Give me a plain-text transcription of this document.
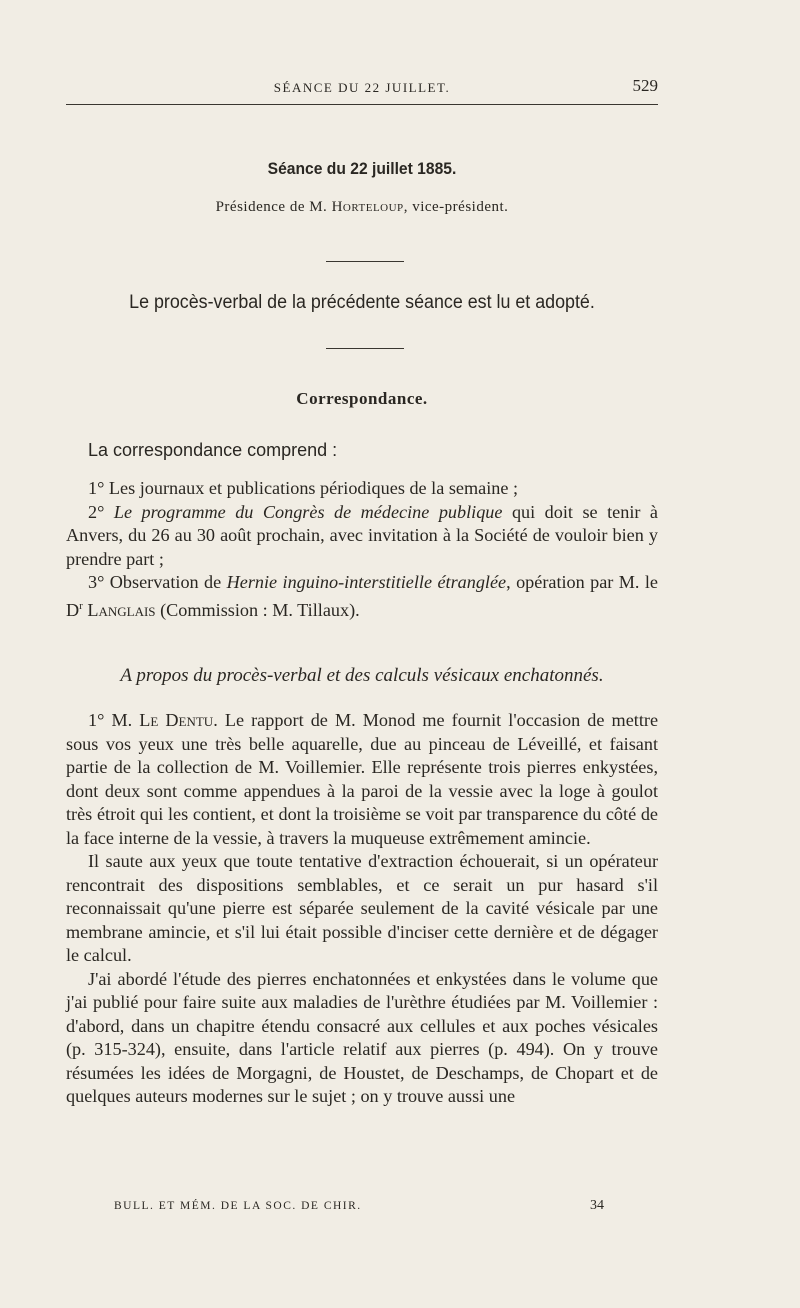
SÉANCE DU 22 JUILLET.	529
Séance du 22 juillet 1885.
Présidence de M. Horteloup, vice-président.
Le procès-verbal de la précédente séance est lu et adopté.
Correspondance.

La correspondance comprend :

1° Les journaux et publications périodiques de la semaine ;

2° Le programme du Congrès de médecine publique qui doit se tenir à Anvers, du 26 au 30 août prochain, avec invitation à la Société de vouloir bien y prendre part ;

3° Observation de Hernie inguino-interstitielle étranglée, opération par M. le $D^r$ Langlais (Commission : M. Tillaux).

A propos du procès-verbal et des calculs vésicaux enchatonnés.

1° M. Le Dentu. Le rapport de M. Monod me fournit l'occasion de mettre sous vos yeux une très belle aquarelle, due au pinceau de Léveillé, et faisant partie de la collection de M. Voillemier. Elle représente trois pierres enkystées, dont deux sont comme appendues à la paroi de la vessie avec la loge à goulot très étroit qui les contient, et dont la troisième se voit par transparence du côté de la face interne de la vessie, à travers la muqueuse extrêmement amincie.

Il saute aux yeux que toute tentative d'extraction échouerait, si un opérateur rencontrait des dispositions semblables, et ce serait un pur hasard s'il reconnaissait qu'une pierre est séparée seulement de la cavité vésicale par une membrane amincie, et s'il lui était possible d'inciser cette dernière et de dégager le calcul.

J'ai abordé l'étude des pierres enchatonnées et enkystées dans le volume que j'ai publié pour faire suite aux maladies de l'urèthre étudiées par M. Voillemier : d'abord, dans un chapitre étendu consacré aux cellules et aux poches vésicales (p. 315-324), ensuite, dans l'article relatif aux pierres (p. 494). On y trouve résumées les idées de Morgagni, de Houstet, de Deschamps, de Chopart et de quelques auteurs modernes sur le sujet ; on y trouve aussi une

BULL. ET MÉM. DE LA SOC. DE CHIR.	34
